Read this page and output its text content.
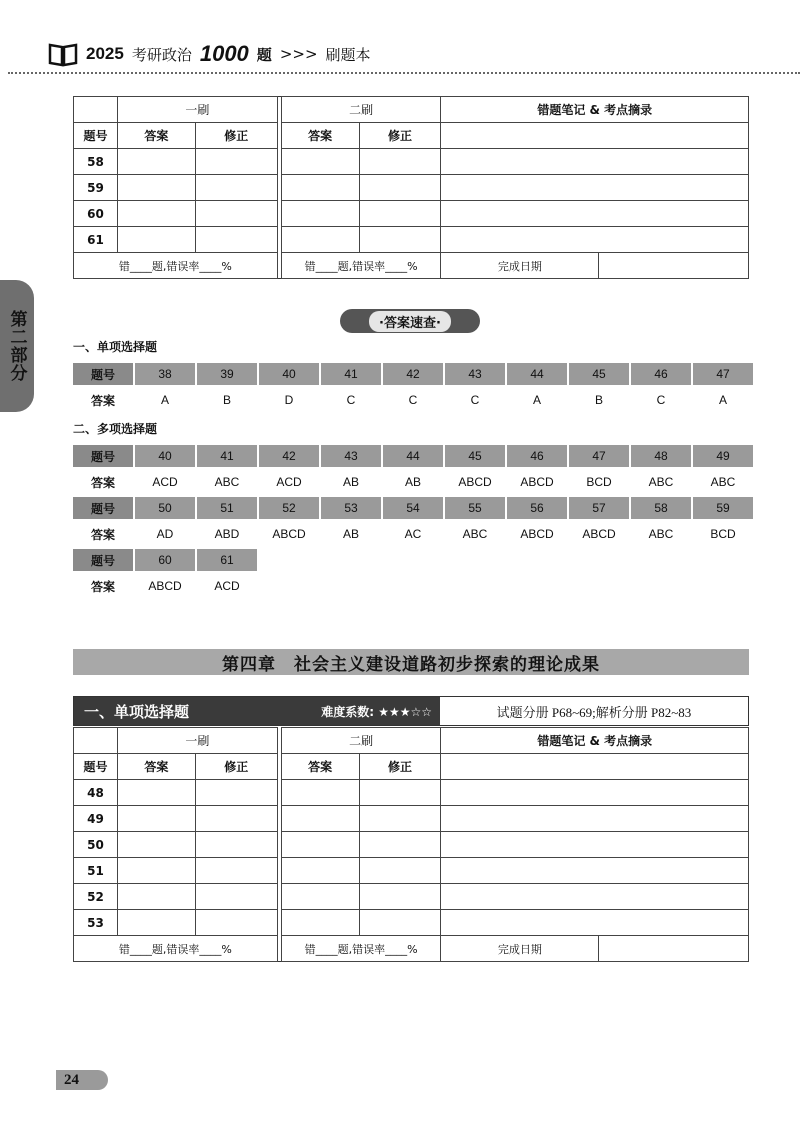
2025 考研政治 1000 题 >>> 刷题本
第二部分
	一刷			二刷		错题笔记 & 考点摘录	
题号	答案	修正		答案	修正		
58							
59							
60							
61							
错____题,错误率____%				错____题,错误率____%		完成日期	
·答案速查·
一、单项选择题
题号	38	39	40	41	42	43	44	45	46	47
答案	A	B	D	C	C	C	A	B	C	A
二、多项选择题
题号	40	41	42	43	44	45	46	47	48	49
答案	ACD	ABC	ACD	AB	AB	ABCD	ABCD	BCD	ABC	ABC
题号	50	51	52	53	54	55	56	57	58	59
答案	AD	ABD	ABCD	AB	AC	ABC	ABCD	ABCD	ABC	BCD
题号	60	61
答案	ABCD	ACD
第四章　社会主义建设道路初步探索的理论成果
一、单项选择题	难度系数: ★★★☆☆	试题分册 P68~69;解析分册 P82~83
	一刷			二刷		错题笔记 & 考点摘录	
题号	答案	修正		答案	修正		
48							
49							
50							
51							
52							
53							
错____题,错误率____%				错____题,错误率____%		完成日期	
24
